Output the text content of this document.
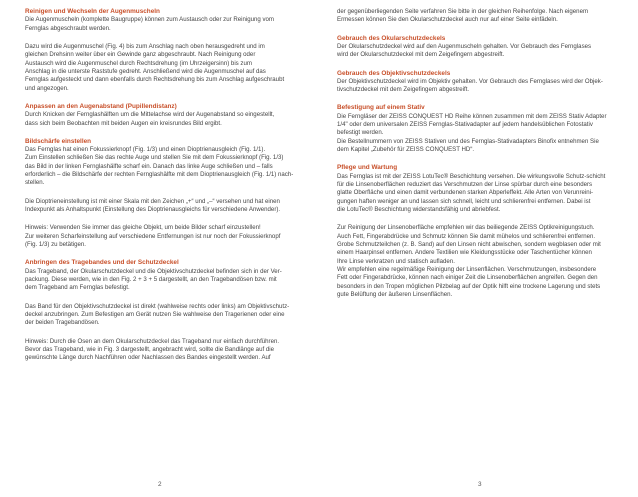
Reinigen und Wechseln der Augenmuscheln
Die Augenmuscheln (komplette Baugruppe) können zum Austausch oder zur Reinigung vom
Fernglas abgeschraubt werden.
Dazu wird die Augenmuschel (Fig. 4) bis zum Anschlag nach oben herausgedreht und im
gleichen Drehsinn weiter über ein Gewinde ganz abgeschraubt. Nach Reinigung oder
Austausch wird die Augenmuschel durch Rechtsdrehung (im Uhrzeigersinn) bis zum
Anschlag in die unterste Raststufe gedreht. Anschließend wird die Augenmuschel auf das
Fernglas aufgesteckt und dann ebenfalls durch Rechtsdrehung bis zum Anschlag aufgeschraubt
und angezogen.
Anpassen an den Augenabstand (Pupillendistanz)
Durch Knicken der Fernglashälften um die Mittelachse wird der Augenabstand so eingestellt,
dass sich beim Beobachten mit beiden Augen ein kreisrundes Bild ergibt.
Bildschärfe einstellen
Das Fernglas hat einen Fokussierknopf (Fig. 1/3) und einen Dioptrienausgleich (Fig. 1/1).
Zum Einstellen schließen Sie das rechte Auge und stellen Sie mit dem Fokussierknopf (Fig. 1/3)
das Bild in der linken Fernglashälfte scharf ein. Danach das linke Auge schließen und – falls
erforderlich – die Bildschärfe der rechten Fernglashälfte mit dem Dioptrienausgleich (Fig. 1/1) nach-
stellen.
Die Dioptrieneinstellung ist mit einer Skala mit den Zeichen „+“ und „–“ versehen und hat einen
Indexpunkt als Anhaltspunkt (Einstellung des Dioptrienausgleichs für verschiedene Anwender).
Hinweis: Verwenden Sie immer das gleiche Objekt, um beide Bilder scharf einzustellen!
Zur weiteren Scharfeinstellung auf verschiedene Entfernungen ist nur noch der Fokussierknopf
(Fig. 1/3) zu betätigen.
Anbringen des Tragebandes und der Schutzdeckel
Das Trageband, der Okularschutzdeckel und die Objektivschutzdeckel befinden sich in der Ver-
packung. Diese werden, wie in den Fig. 2 + 3 + 5 dargestellt, an den Tragebandösen bzw. mit
dem Trageband am Fernglas befestigt.
Das Band für den Objektivschutzdeckel ist direkt (wahlweise rechts oder links) am Objektivschutz-
deckel anzubringen. Zum Befestigen am Gerät nutzen Sie wahlweise den Tragerienen oder eine
der beiden Tragebandösen.
Hinweis: Durch die Ösen an dem Okularschutzdeckel das Trageband nur einfach durchführen.
Bevor das Trageband, wie in Fig. 3 dargestellt, angebracht wird, sollte die Bandlänge auf die
gewünschte Länge durch Nachführen oder Nachlassen des Bandes eingestellt werden. Auf
der gegenüberliegenden Seite verfahren Sie bitte in der gleichen Reihenfolge. Nach eigenem
Ermessen können Sie den Okularschutzdeckel auch nur auf einer Seite einfädeln.
Gebrauch des Okularschutzdeckels
Der Okularschutzdeckel wird auf den Augenmuscheln gehalten. Vor Gebrauch des Fernglases
wird der Okularschutzdeckel mit dem Zeigefingern abgestreift.
Gebrauch des Objektivschutzdeckels
Der Objektivschutzdeckel wird im Objektiv gehalten. Vor Gebrauch des Fernglases wird der Objek-
tivschutzdeckel mit dem Zeigefingern abgestreift.
Befestigung auf einem Stativ
Die Ferngläser der ZEISS CONQUEST HD Reihe können zusammen mit dem ZEISS Stativ Adapter
1/4" oder dem universalen ZEISS Fernglas-Stativadapter auf jedem handelsüblichen Fotostativ
befestigt werden.
Die Bestellnummern von ZEISS Stativen und des Fernglas-Stativadapters Binofix entnehmen Sie
dem Kapitel „Zubehör für ZEISS CONQUEST HD“.
Pflege und Wartung
Das Fernglas ist mit der ZEISS LotuTec® Beschichtung versehen. Die wirkungsvolle Schutz-schicht
für die Linsenoberflächen reduziert das Verschmutzen der Linse spürbar durch eine besonders
glatte Oberfläche und einen damit verbundenen starken Abperleffekt. Alle Arten von Verunreini-
gungen haften weniger an und lassen sich schnell, leicht und schlierenfrei entfernen. Dabei ist
die LotuTec® Beschichtung widerstandsfähig und abriebfest.
Zur Reinigung der Linsenoberfläche empfehlen wir das beiliegende ZEISS Optikreinigungstuch.
Auch Fett, Fingerabdrücke und Schmutz können Sie damit mühelos und schlierenfrei entfernen.
Grobe Schmutzteilchen (z. B. Sand) auf den Linsen nicht abwischen, sondern wegblasen oder mit
einem Haarpinsel entfernen. Andere Textilien wie Kleidungsstücke oder Taschentücher können
Ihre Linse verkratzen und statisch aufladen.
Wir empfehlen eine regelmäßige Reinigung der Linsenflächen. Verschmutzungen, insbesondere
Fett oder Fingerabdrücke, können nach einiger Zeit die Linsenoberflächen angreifen. Gegen den
besonders in den Tropen möglichen Pilzbelag auf der Optik hilft eine trockene Lagerung und stets
gute Belüftung der äußeren Linsenflächen.
2	3
